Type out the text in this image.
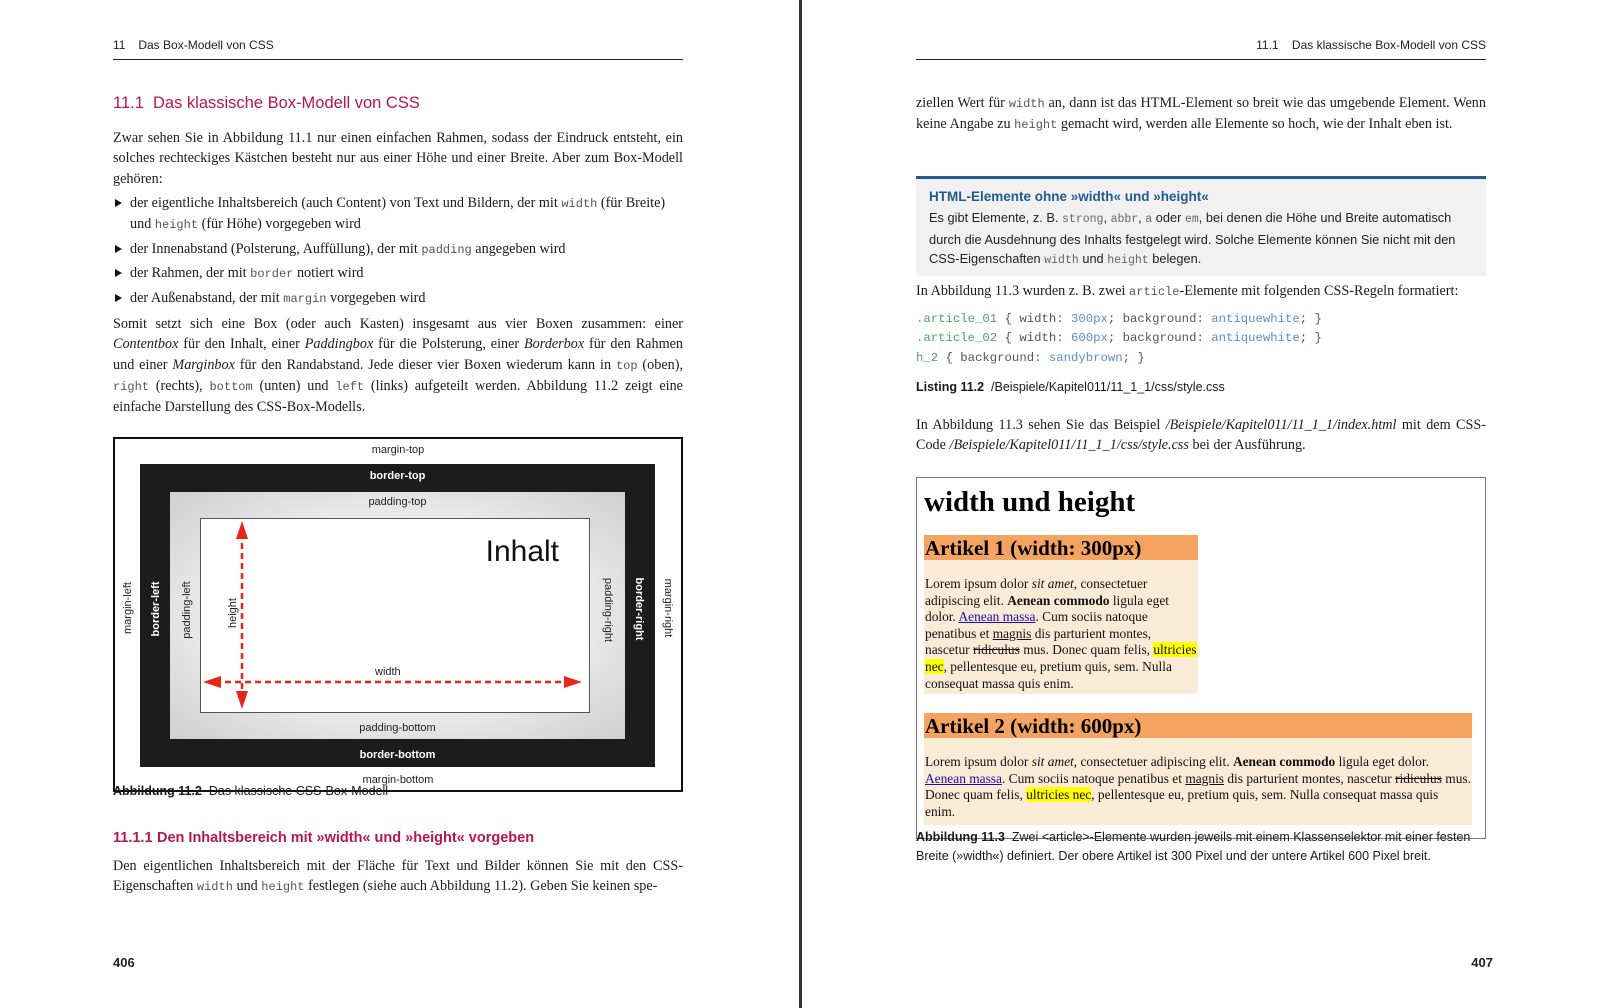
11 Das Box-Modell von CSS
11.1 Das klassische Box-Modell von CSS
Zwar sehen Sie in Abbildung 11.1 nur einen einfachen Rahmen, sodass der Eindruck entsteht, ein solches rechteckiges Kästchen besteht nur aus einer Höhe und einer Breite. Aber zum Box-Modell gehören:
der eigentliche Inhaltsbereich (auch Content) von Text und Bildern, der mit width (für Breite) und height (für Höhe) vorgegeben wird
der Innenabstand (Polsterung, Auffüllung), der mit padding angegeben wird
der Rahmen, der mit border notiert wird
der Außenabstand, der mit margin vorgegeben wird
Somit setzt sich eine Box (oder auch Kasten) insgesamt aus vier Boxen zusammen: einer Contentbox für den Inhalt, einer Paddingbox für die Polsterung, einer Borderbox für den Rahmen und einer Marginbox für den Randabstand. Jede dieser vier Boxen wiederum kann in top (oben), right (rechts), bottom (unten) und left (links) aufgeteilt werden. Abbildung 11.2 zeigt eine einfache Darstellung des CSS-Box-Modells.
margin-top
margin-bottom
margin-left	margin-right
border-top
border-bottom
border-left	border-right
padding-top
padding-bottom
padding-left	padding-right
Inhalt
height
width
Abbildung 11.2 Das klassische CSS-Box-Modell
11.1.1 Den Inhaltsbereich mit »width« und »height« vorgeben
Den eigentlichen Inhaltsbereich mit der Fläche für Text und Bilder können Sie mit den CSS-Eigenschaften width und height festlegen (siehe auch Abbildung 11.2). Geben Sie keinen spe-
406
11.1 Das klassische Box-Modell von CSS
ziellen Wert für width an, dann ist das HTML-Element so breit wie das umgebende Element. Wenn keine Angabe zu height gemacht wird, werden alle Elemente so hoch, wie der Inhalt eben ist.
HTML-Elemente ohne »width« und »height«
Es gibt Elemente, z. B. strong, abbr, a oder em, bei denen die Höhe und Breite automatisch durch die Ausdehnung des Inhalts festgelegt wird. Solche Elemente können Sie nicht mit den CSS-Eigenschaften width und height belegen.
In Abbildung 11.3 wurden z. B. zwei article-Elemente mit folgenden CSS-Regeln formatiert:
.article_01 { width: 300px; background: antiquewhite; }
.article_02 { width: 600px; background: antiquewhite; }
h_2 { background: sandybrown; }
Listing 11.2 /Beispiele/Kapitel011/11_1_1/css/style.css
In Abbildung 11.3 sehen Sie das Beispiel /Beispiele/Kapitel011/11_1_1/index.html mit dem CSS-Code /Beispiele/Kapitel011/11_1_1/css/style.css bei der Ausführung.
width und height
Artikel 1 (width: 300px)
Lorem ipsum dolor sit amet, consectetuer adipiscing elit. Aenean commodo ligula eget dolor. Aenean massa. Cum sociis natoque penatibus et magnis dis parturient montes, nascetur ridiculus mus. Donec quam felis, ultricies nec, pellentesque eu, pretium quis, sem. Nulla consequat massa quis enim.
Artikel 2 (width: 600px)
Lorem ipsum dolor sit amet, consectetuer adipiscing elit. Aenean commodo ligula eget dolor. Aenean massa. Cum sociis natoque penatibus et magnis dis parturient montes, nascetur ridiculus mus. Donec quam felis, ultricies nec, pellentesque eu, pretium quis, sem. Nulla consequat massa quis enim.
Abbildung 11.3 Zwei <article>-Elemente wurden jeweils mit einem Klassenselektor mit einer festen Breite (»width«) definiert. Der obere Artikel ist 300 Pixel und der untere Artikel 600 Pixel breit.
407
